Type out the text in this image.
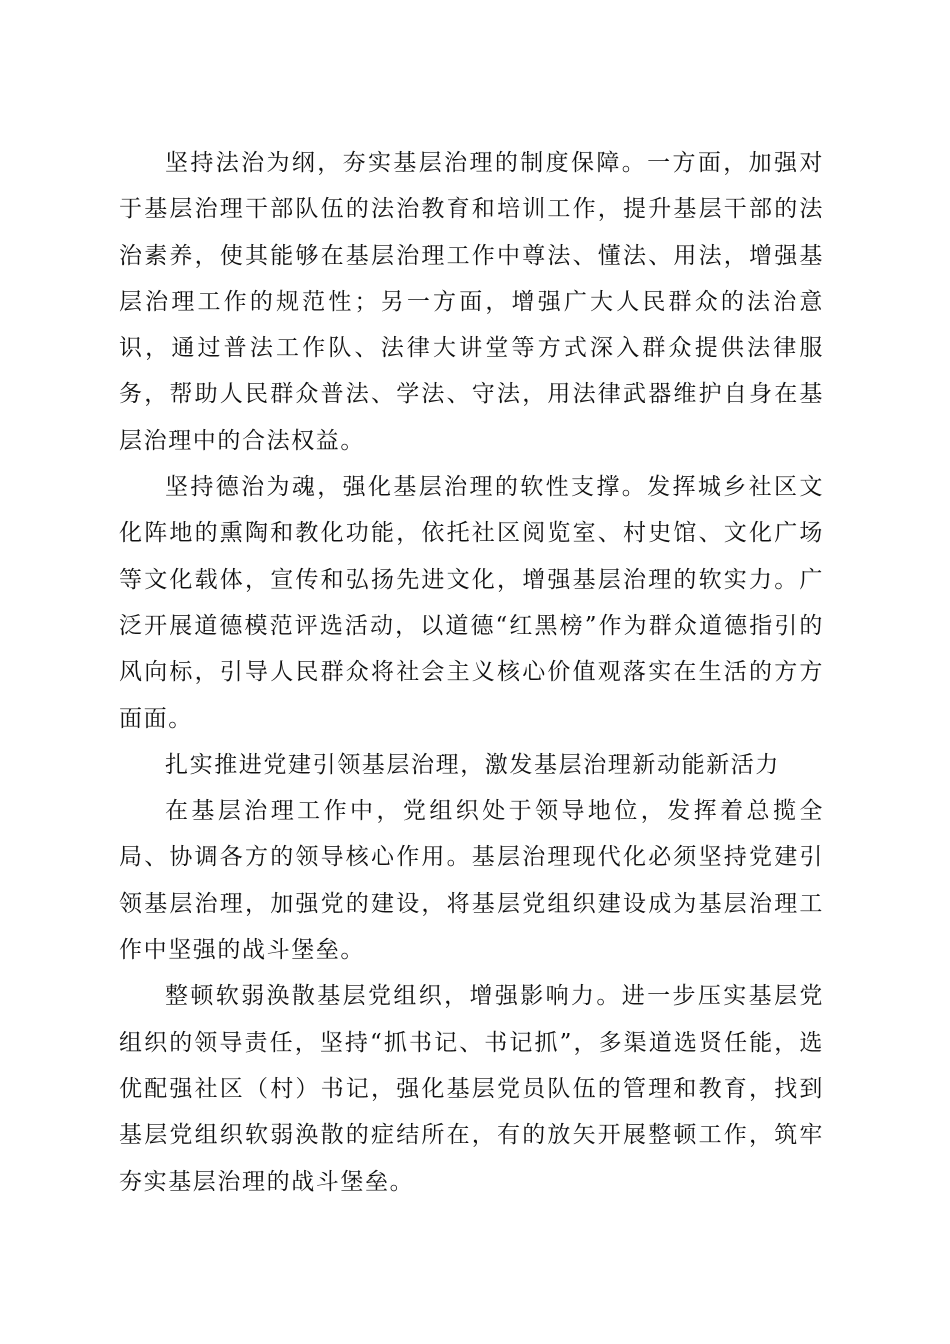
坚持法治为纲，夯实基层治理的制度保障。一方面，加强对于基层治理干部队伍的法治教育和培训工作，提升基层干部的法治素养，使其能够在基层治理工作中尊法、懂法、用法，增强基层治理工作的规范性；另一方面，增强广大人民群众的法治意识，通过普法工作队、法律大讲堂等方式深入群众提供法律服务，帮助人民群众普法、学法、守法，用法律武器维护自身在基层治理中的合法权益。

坚持德治为魂，强化基层治理的软性支撑。发挥城乡社区文化阵地的熏陶和教化功能，依托社区阅览室、村史馆、文化广场等文化载体，宣传和弘扬先进文化，增强基层治理的软实力。广泛开展道德模范评选活动，以道德“红黑榜”作为群众道德指引的风向标，引导人民群众将社会主义核心价值观落实在生活的方方面面。

扎实推进党建引领基层治理，激发基层治理新动能新活力

在基层治理工作中，党组织处于领导地位，发挥着总揽全局、协调各方的领导核心作用。基层治理现代化必须坚持党建引领基层治理，加强党的建设，将基层党组织建设成为基层治理工作中坚强的战斗堡垒。

整顿软弱涣散基层党组织，增强影响力。进一步压实基层党组织的领导责任，坚持“抓书记、书记抓”，多渠道选贤任能，选优配强社区（村）书记，强化基层党员队伍的管理和教育，找到基层党组织软弱涣散的症结所在，有的放矢开展整顿工作，筑牢夯实基层治理的战斗堡垒。
